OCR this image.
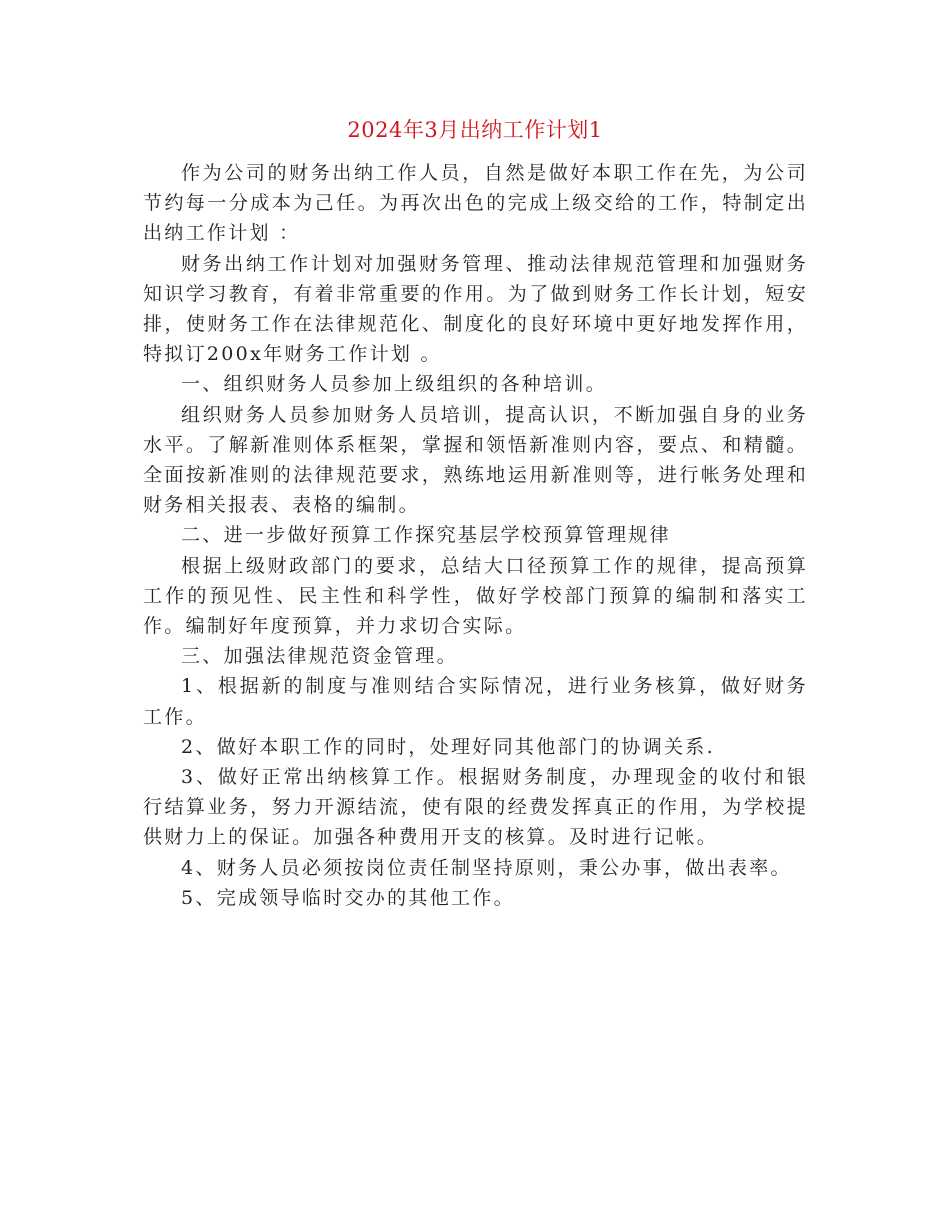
2024年3月出纳工作计划1

作为公司的财务出纳工作人员，自然是做好本职工作在先，为公司节约每一分成本为己任。为再次出色的完成上级交给的工作，特制定出出纳工作计划 ：

财务出纳工作计划对加强财务管理、推动法律规范管理和加强财务知识学习教育，有着非常重要的作用。为了做到财务工作长计划，短安排，使财务工作在法律规范化、制度化的良好环境中更好地发挥作用，特拟订200x年财务工作计划 。

一、组织财务人员参加上级组织的各种培训。

组织财务人员参加财务人员培训，提高认识，不断加强自身的业务水平。了解新准则体系框架，掌握和领悟新准则内容，要点、和精髓。全面按新准则的法律规范要求，熟练地运用新准则等，进行帐务处理和财务相关报表、表格的编制。

二、进一步做好预算工作探究基层学校预算管理规律

根据上级财政部门的要求，总结大口径预算工作的规律，提高预算工作的预见性、民主性和科学性，做好学校部门预算的编制和落实工作。编制好年度预算，并力求切合实际。

三、加强法律规范资金管理。

1、根据新的制度与准则结合实际情况，进行业务核算，做好财务工作。

2、做好本职工作的同时，处理好同其他部门的协调关系.

3、做好正常出纳核算工作。根据财务制度，办理现金的收付和银行结算业务，努力开源结流，使有限的经费发挥真正的作用，为学校提供财力上的保证。加强各种费用开支的核算。及时进行记帐。

4、财务人员必须按岗位责任制坚持原则，秉公办事，做出表率。

5、完成领导临时交办的其他工作。
